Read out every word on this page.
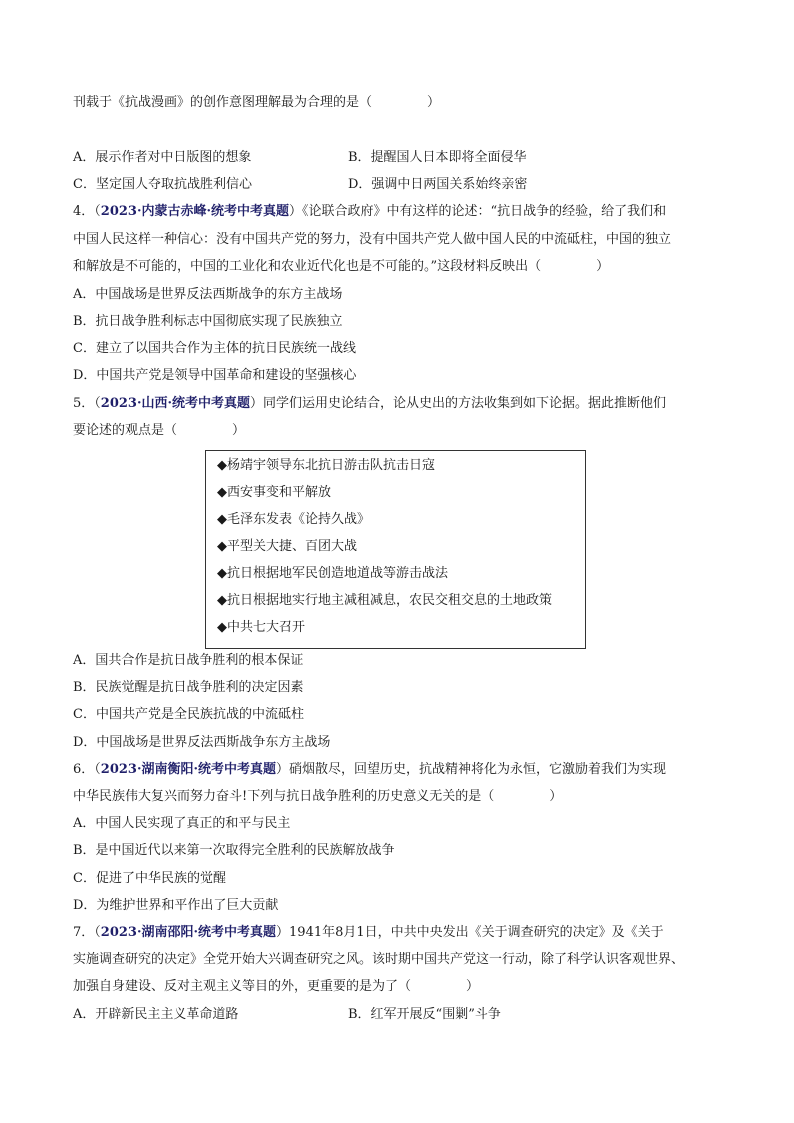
刊载于《抗战漫画》的创作意图理解最为合理的是（	）
A．展示作者对中日版图的想象	B．提醒国人日本即将全面侵华
C．坚定国人夺取抗战胜利信心	D．强调中日两国关系始终亲密
4．（2023·内蒙古赤峰·统考中考真题）《论联合政府》中有这样的论述：“抗日战争的经验，给了我们和
中国人民这样一种信心：没有中国共产党的努力，没有中国共产党人做中国人民的中流砥柱，中国的独立
和解放是不可能的，中国的工业化和农业近代化也是不可能的。”这段材料反映出（	）
A．中国战场是世界反法西斯战争的东方主战场
B．抗日战争胜利标志中国彻底实现了民族独立
C．建立了以国共合作为主体的抗日民族统一战线
D．中国共产党是领导中国革命和建设的坚强核心
5．（2023·山西·统考中考真题）同学们运用史论结合，论从史出的方法收集到如下论据。据此推断他们
要论述的观点是（	）
◆杨靖宇领导东北抗日游击队抗击日寇
◆西安事变和平解放
◆毛泽东发表《论持久战》
◆平型关大捷、百团大战
◆抗日根据地军民创造地道战等游击战法
◆抗日根据地实行地主减租减息，农民交租交息的土地政策
◆中共七大召开
A．国共合作是抗日战争胜利的根本保证
B．民族觉醒是抗日战争胜利的决定因素
C．中国共产党是全民族抗战的中流砥柱
D．中国战场是世界反法西斯战争东方主战场
6．（2023·湖南衡阳·统考中考真题）硝烟散尽，回望历史，抗战精神将化为永恒，它激励着我们为实现
中华民族伟大复兴而努力奋斗!下列与抗日战争胜利的历史意义无关的是（	）
A．中国人民实现了真正的和平与民主
B．是中国近代以来第一次取得完全胜利的民族解放战争
C．促进了中华民族的觉醒
D．为维护世界和平作出了巨大贡献
7．（2023·湖南邵阳·统考中考真题）1941年8月1日，中共中央发出《关于调查研究的决定》及《关于
实施调查研究的决定》全党开始大兴调查研究之风。该时期中国共产党这一行动，除了科学认识客观世界、
加强自身建设、反对主观主义等目的外，更重要的是为了（	）
A．开辟新民主主义革命道路	B．红军开展反“围剿”斗争
